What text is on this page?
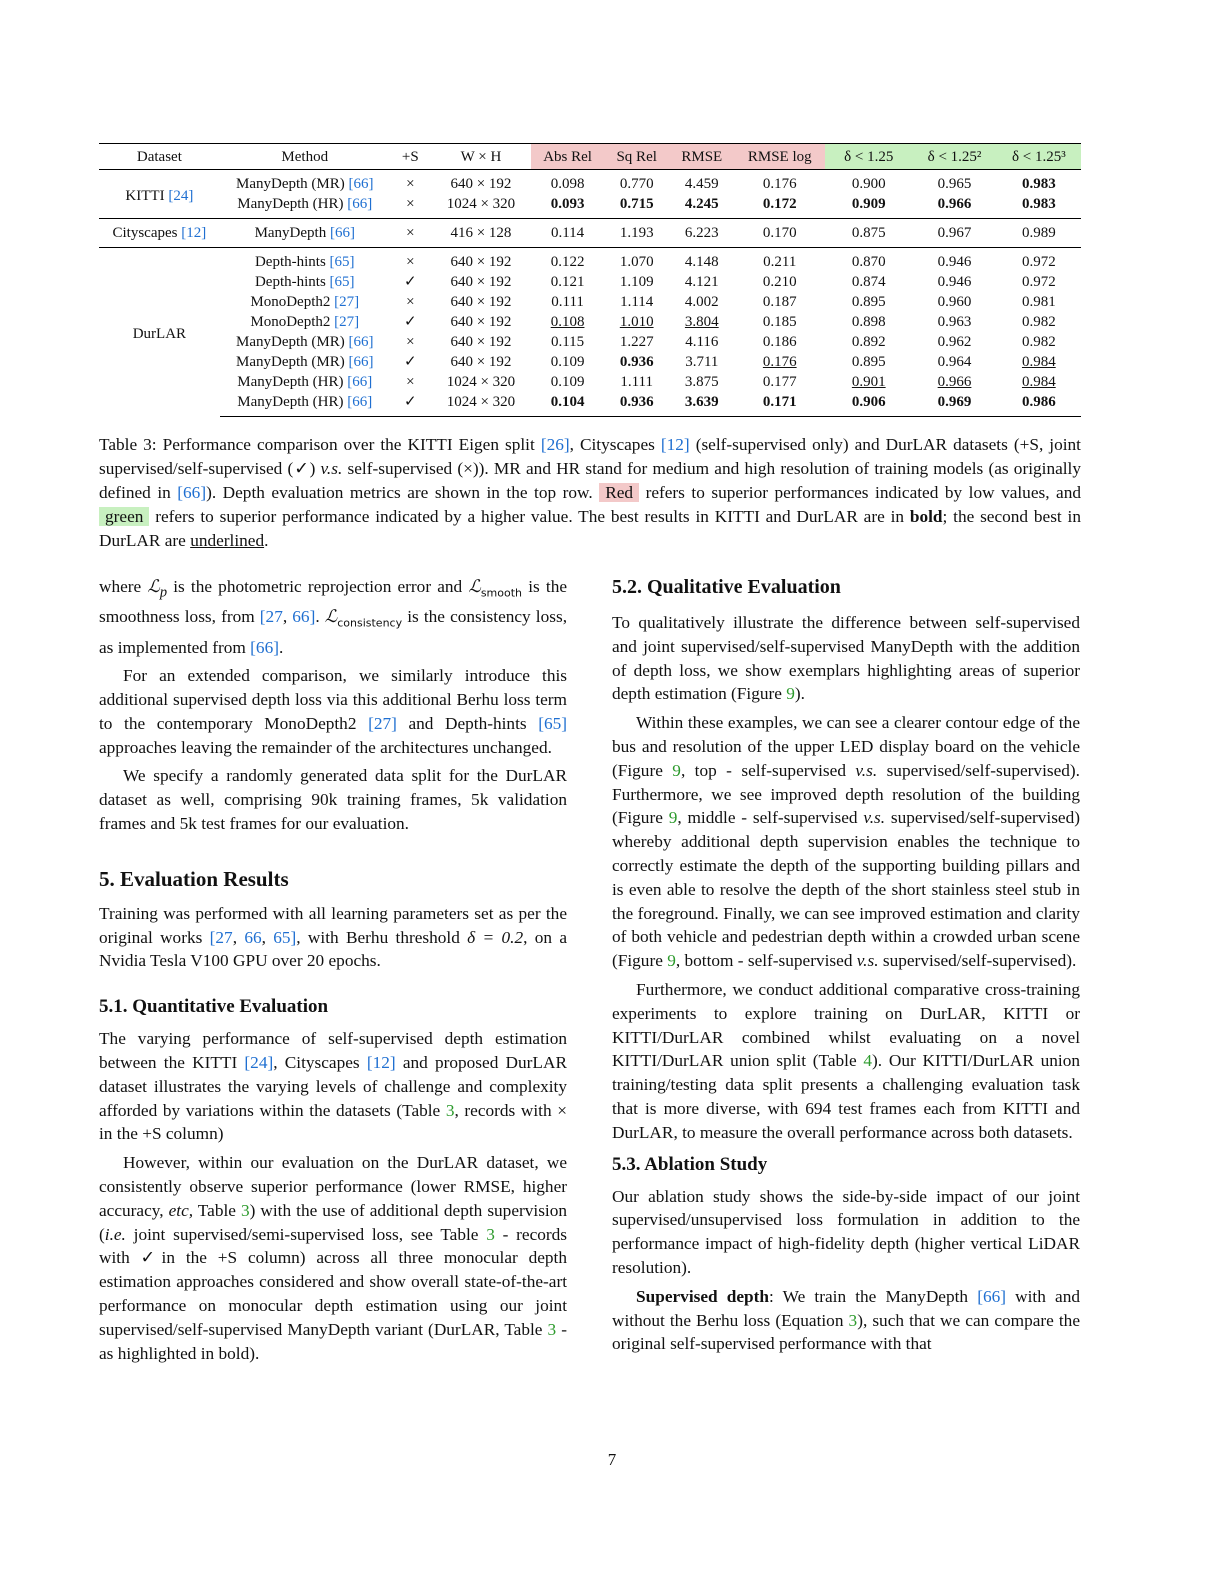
Dataset	Method	+S	W × H	Abs Rel	Sq Rel	RMSE	RMSE log	δ < 1.25	δ < 1.25²	δ < 1.25³
KITTI [24]	ManyDepth (MR) [66]	×	640 × 192	0.098	0.770	4.459	0.176	0.900	0.965	0.983
	ManyDepth (HR) [66]	×	1024 × 320	0.093	0.715	4.245	0.172	0.909	0.966	0.983
Cityscapes [12]	ManyDepth [66]	×	416 × 128	0.114	1.193	6.223	0.170	0.875	0.967	0.989
DurLAR	Depth-hints [65]	×	640 × 192	0.122	1.070	4.148	0.211	0.870	0.946	0.972
	Depth-hints [65]	✓	640 × 192	0.121	1.109	4.121	0.210	0.874	0.946	0.972
	MonoDepth2 [27]	×	640 × 192	0.111	1.114	4.002	0.187	0.895	0.960	0.981
	MonoDepth2 [27]	✓	640 × 192	0.108	1.010	3.804	0.185	0.898	0.963	0.982
	ManyDepth (MR) [66]	×	640 × 192	0.115	1.227	4.116	0.186	0.892	0.962	0.982
	ManyDepth (MR) [66]	✓	640 × 192	0.109	0.936	3.711	0.176	0.895	0.964	0.984
	ManyDepth (HR) [66]	×	1024 × 320	0.109	1.111	3.875	0.177	0.901	0.966	0.984
	ManyDepth (HR) [66]	✓	1024 × 320	0.104	0.936	3.639	0.171	0.906	0.969	0.986

Table 3: Performance comparison over the KITTI Eigen split [26], Cityscapes [12] (self-supervised only) and DurLAR datasets (+S, joint supervised/self-supervised (✓) v.s. self-supervised (×)). MR and HR stand for medium and high resolution of training models (as originally defined in [66]). Depth evaluation metrics are shown in the top row. Red refers to superior performances indicated by low values, and green refers to superior performance indicated by a higher value. The best results in KITTI and DurLAR are in bold; the second best in DurLAR are underlined.

where ℒ$_p$ is the photometric reprojection error and ℒ$_{smooth}$ is the smoothness loss, from [27, 66]. ℒ$_{consistency}$ is the consistency loss, as implemented from [66].

For an extended comparison, we similarly introduce this additional supervised depth loss via this additional Berhu loss term to the contemporary MonoDepth2 [27] and Depth-hints [65] approaches leaving the remainder of the architectures unchanged.

We specify a randomly generated data split for the DurLAR dataset as well, comprising 90k training frames, 5k validation frames and 5k test frames for our evaluation.

5. Evaluation Results

Training was performed with all learning parameters set as per the original works [27, 66, 65], with Berhu threshold δ = 0.2, on a Nvidia Tesla V100 GPU over 20 epochs.

5.1. Quantitative Evaluation

The varying performance of self-supervised depth estimation between the KITTI [24], Cityscapes [12] and proposed DurLAR dataset illustrates the varying levels of challenge and complexity afforded by variations within the datasets (Table 3, records with × in the +S column)

However, within our evaluation on the DurLAR dataset, we consistently observe superior performance (lower RMSE, higher accuracy, etc, Table 3) with the use of additional depth supervision (i.e. joint supervised/semi-supervised loss, see Table 3 - records with ✓in the +S column) across all three monocular depth estimation approaches considered and show overall state-of-the-art performance on monocular depth estimation using our joint supervised/self-supervised ManyDepth variant (DurLAR, Table 3 - as highlighted in bold).

5.2. Qualitative Evaluation

To qualitatively illustrate the difference between self-supervised and joint supervised/self-supervised ManyDepth with the addition of depth loss, we show exemplars highlighting areas of superior depth estimation (Figure 9).

Within these examples, we can see a clearer contour edge of the bus and resolution of the upper LED display board on the vehicle (Figure 9, top - self-supervised v.s. supervised/self-supervised). Furthermore, we see improved depth resolution of the building (Figure 9, middle - self-supervised v.s. supervised/self-supervised) whereby additional depth supervision enables the technique to correctly estimate the depth of the supporting building pillars and is even able to resolve the depth of the short stainless steel stub in the foreground. Finally, we can see improved estimation and clarity of both vehicle and pedestrian depth within a crowded urban scene (Figure 9, bottom - self-supervised v.s. supervised/self-supervised).

Furthermore, we conduct additional comparative cross-training experiments to explore training on DurLAR, KITTI or KITTI/DurLAR combined whilst evaluating on a novel KITTI/DurLAR union split (Table 4). Our KITTI/DurLAR union training/testing data split presents a challenging evaluation task that is more diverse, with 694 test frames each from KITTI and DurLAR, to measure the overall performance across both datasets.

5.3. Ablation Study

Our ablation study shows the side-by-side impact of our joint supervised/unsupervised loss formulation in addition to the performance impact of high-fidelity depth (higher vertical LiDAR resolution).

Supervised depth: We train the ManyDepth [66] with and without the Berhu loss (Equation 3), such that we can compare the original self-supervised performance with that

7
